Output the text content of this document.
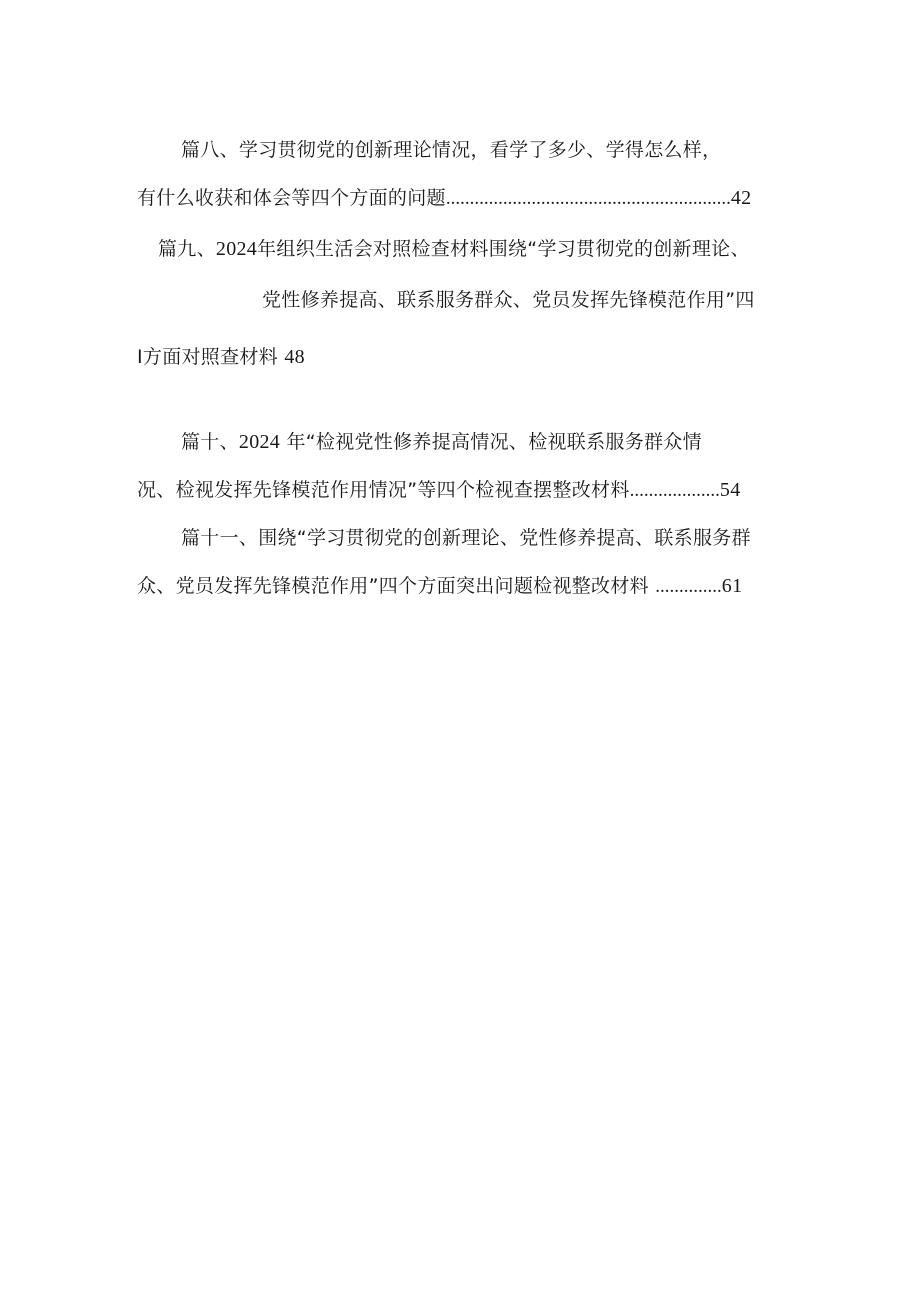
篇八、学习贯彻党的创新理论情况，看学了多少、学得怎么样，
有什么收获和体会等四个方面的问题............................................................42
篇九、2024年组织生活会对照检查材料围绕“学习贯彻党的创新理论、
党性修养提高、联系服务群众、党员发挥先锋模范作用”四
I方面对照查材料 48
篇十、2024 年“检视党性修养提高情况、检视联系服务群众情
况、检视发挥先锋模范作用情况”等四个检视查摆整改材料...................54
篇十一、围绕“学习贯彻党的创新理论、党性修养提高、联系服务群
众、党员发挥先锋模范作用”四个方面突出问题检视整改材料 ..............61
